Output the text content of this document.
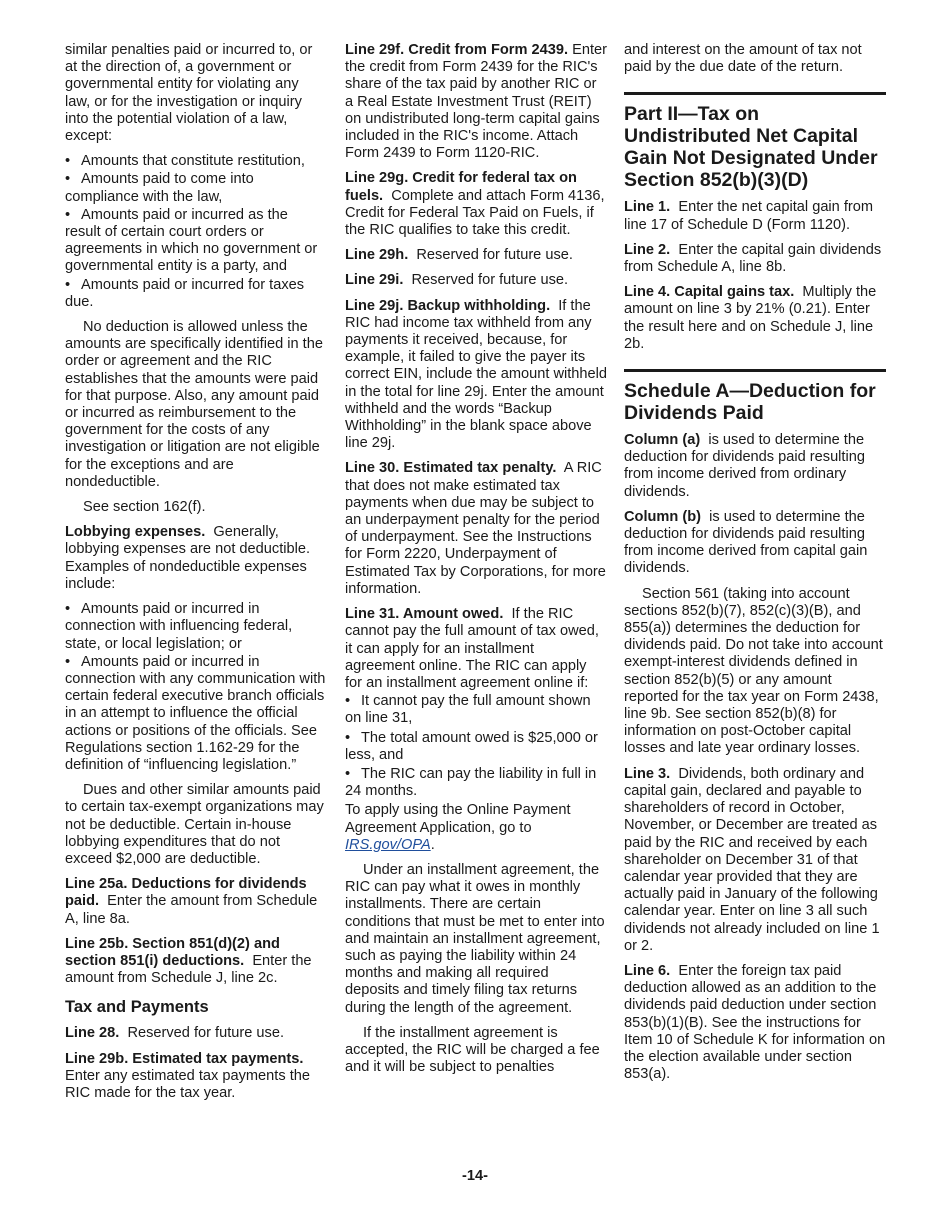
similar penalties paid or incurred to, or at the direction of, a government or governmental entity for violating any law, or for the investigation or inquiry into the potential violation of a law, except:

• Amounts that constitute restitution,
• Amounts paid to come into compliance with the law,
• Amounts paid or incurred as the result of certain court orders or agreements in which no government or governmental entity is a party, and
• Amounts paid or incurred for taxes due.

No deduction is allowed unless the amounts are specifically identified in the order or agreement and the RIC establishes that the amounts were paid for that purpose. Also, any amount paid or incurred as reimbursement to the government for the costs of any investigation or litigation are not eligible for the exceptions and are nondeductible.

See section 162(f).

Lobbying expenses. Generally, lobbying expenses are not deductible. Examples of nondeductible expenses include:

• Amounts paid or incurred in connection with influencing federal, state, or local legislation; or
• Amounts paid or incurred in connection with any communication with certain federal executive branch officials in an attempt to influence the official actions or positions of the officials. See Regulations section 1.162-29 for the definition of “influencing legislation.”

Dues and other similar amounts paid to certain tax-exempt organizations may not be deductible. Certain in-house lobbying expenditures that do not exceed $2,000 are deductible.

Line 25a. Deductions for dividends paid. Enter the amount from Schedule A, line 8a.

Line 25b. Section 851(d)(2) and section 851(i) deductions. Enter the amount from Schedule J, line 2c.

Tax and Payments

Line 28. Reserved for future use.

Line 29b. Estimated tax payments. Enter any estimated tax payments the RIC made for the tax year.

Line 29f. Credit from Form 2439. Enter the credit from Form 2439 for the RIC's share of the tax paid by another RIC or a Real Estate Investment Trust (REIT) on undistributed long-term capital gains included in the RIC's income. Attach Form 2439 to Form 1120-RIC.

Line 29g. Credit for federal tax on fuels. Complete and attach Form 4136, Credit for Federal Tax Paid on Fuels, if the RIC qualifies to take this credit.

Line 29h. Reserved for future use.

Line 29i. Reserved for future use.

Line 29j. Backup withholding. If the RIC had income tax withheld from any payments it received, because, for example, it failed to give the payer its correct EIN, include the amount withheld in the total for line 29j. Enter the amount withheld and the words “Backup Withholding” in the blank space above line 29j.

Line 30. Estimated tax penalty. A RIC that does not make estimated tax payments when due may be subject to an underpayment penalty for the period of underpayment. See the Instructions for Form 2220, Underpayment of Estimated Tax by Corporations, for more information.

Line 31. Amount owed. If the RIC cannot pay the full amount of tax owed, it can apply for an installment agreement online. The RIC can apply for an installment agreement online if:

• It cannot pay the full amount shown on line 31,
• The total amount owed is $25,000 or less, and
• The RIC can pay the liability in full in 24 months.

To apply using the Online Payment Agreement Application, go to IRS.gov/OPA.

Under an installment agreement, the RIC can pay what it owes in monthly installments. There are certain conditions that must be met to enter into and maintain an installment agreement, such as paying the liability within 24 months and making all required deposits and timely filing tax returns during the length of the agreement.

If the installment agreement is accepted, the RIC will be charged a fee and it will be subject to penalties

and interest on the amount of tax not paid by the due date of the return.

Part II—Tax on Undistributed Net Capital Gain Not Designated Under Section 852(b)(3)(D)

Line 1. Enter the net capital gain from line 17 of Schedule D (Form 1120).

Line 2. Enter the capital gain dividends from Schedule A, line 8b.

Line 4. Capital gains tax. Multiply the amount on line 3 by 21% (0.21). Enter the result here and on Schedule J, line 2b.

Schedule A—Deduction for Dividends Paid

Column (a) is used to determine the deduction for dividends paid resulting from income derived from ordinary dividends.

Column (b) is used to determine the deduction for dividends paid resulting from income derived from capital gain dividends.

Section 561 (taking into account sections 852(b)(7), 852(c)(3)(B), and 855(a)) determines the deduction for dividends paid. Do not take into account exempt-interest dividends defined in section 852(b)(5) or any amount reported for the tax year on Form 2438, line 9b. See section 852(b)(8) for information on post-October capital losses and late year ordinary losses.

Line 3. Dividends, both ordinary and capital gain, declared and payable to shareholders of record in October, November, or December are treated as paid by the RIC and received by each shareholder on December 31 of that calendar year provided that they are actually paid in January of the following calendar year. Enter on line 3 all such dividends not already included on line 1 or 2.

Line 6. Enter the foreign tax paid deduction allowed as an addition to the dividends paid deduction under section 853(b)(1)(B). See the instructions for Item 10 of Schedule K for information on the election available under section 853(a).

-14-
